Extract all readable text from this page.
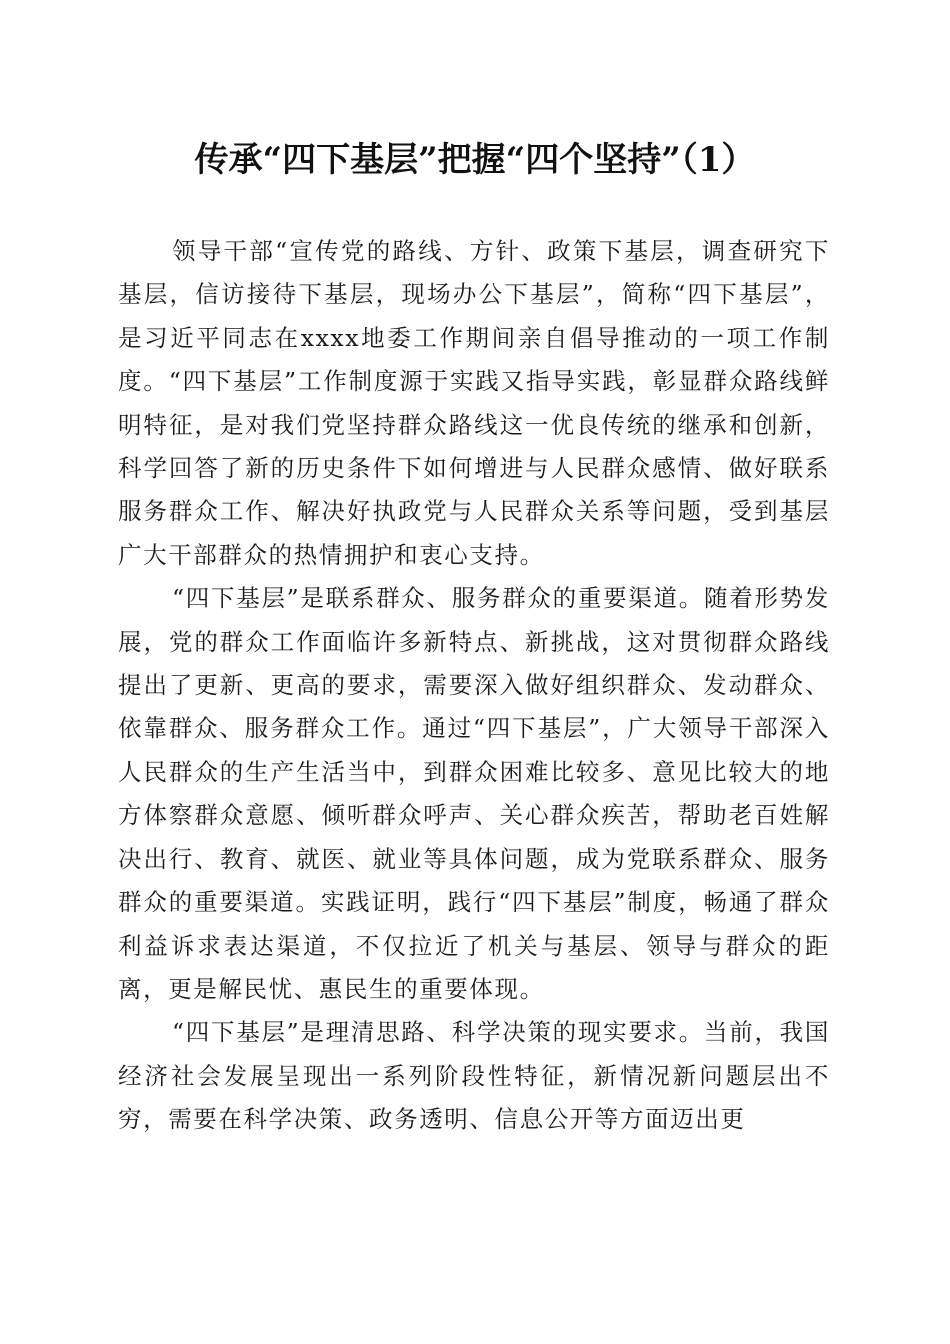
传承“四下基层”把握“四个坚持”（1）

领导干部“宣传党的路线、方针、政策下基层，调查研究下基层，信访接待下基层，现场办公下基层”，简称“四下基层”，是习近平同志在xxxx地委工作期间亲自倡导推动的一项工作制度。“四下基层”工作制度源于实践又指导实践，彰显群众路线鲜明特征，是对我们党坚持群众路线这一优良传统的继承和创新，科学回答了新的历史条件下如何增进与人民群众感情、做好联系服务群众工作、解决好执政党与人民群众关系等问题，受到基层广大干部群众的热情拥护和衷心支持。

“四下基层”是联系群众、服务群众的重要渠道。随着形势发展，党的群众工作面临许多新特点、新挑战，这对贯彻群众路线提出了更新、更高的要求，需要深入做好组织群众、发动群众、依靠群众、服务群众工作。通过“四下基层”，广大领导干部深入人民群众的生产生活当中，到群众困难比较多、意见比较大的地方体察群众意愿、倾听群众呼声、关心群众疾苦，帮助老百姓解决出行、教育、就医、就业等具体问题，成为党联系群众、服务群众的重要渠道。实践证明，践行“四下基层”制度，畅通了群众利益诉求表达渠道，不仅拉近了机关与基层、领导与群众的距离，更是解民忧、惠民生的重要体现。

“四下基层”是理清思路、科学决策的现实要求。当前，我国经济社会发展呈现出一系列阶段性特征，新情况新问题层出不穷，需要在科学决策、政务透明、信息公开等方面迈出更
